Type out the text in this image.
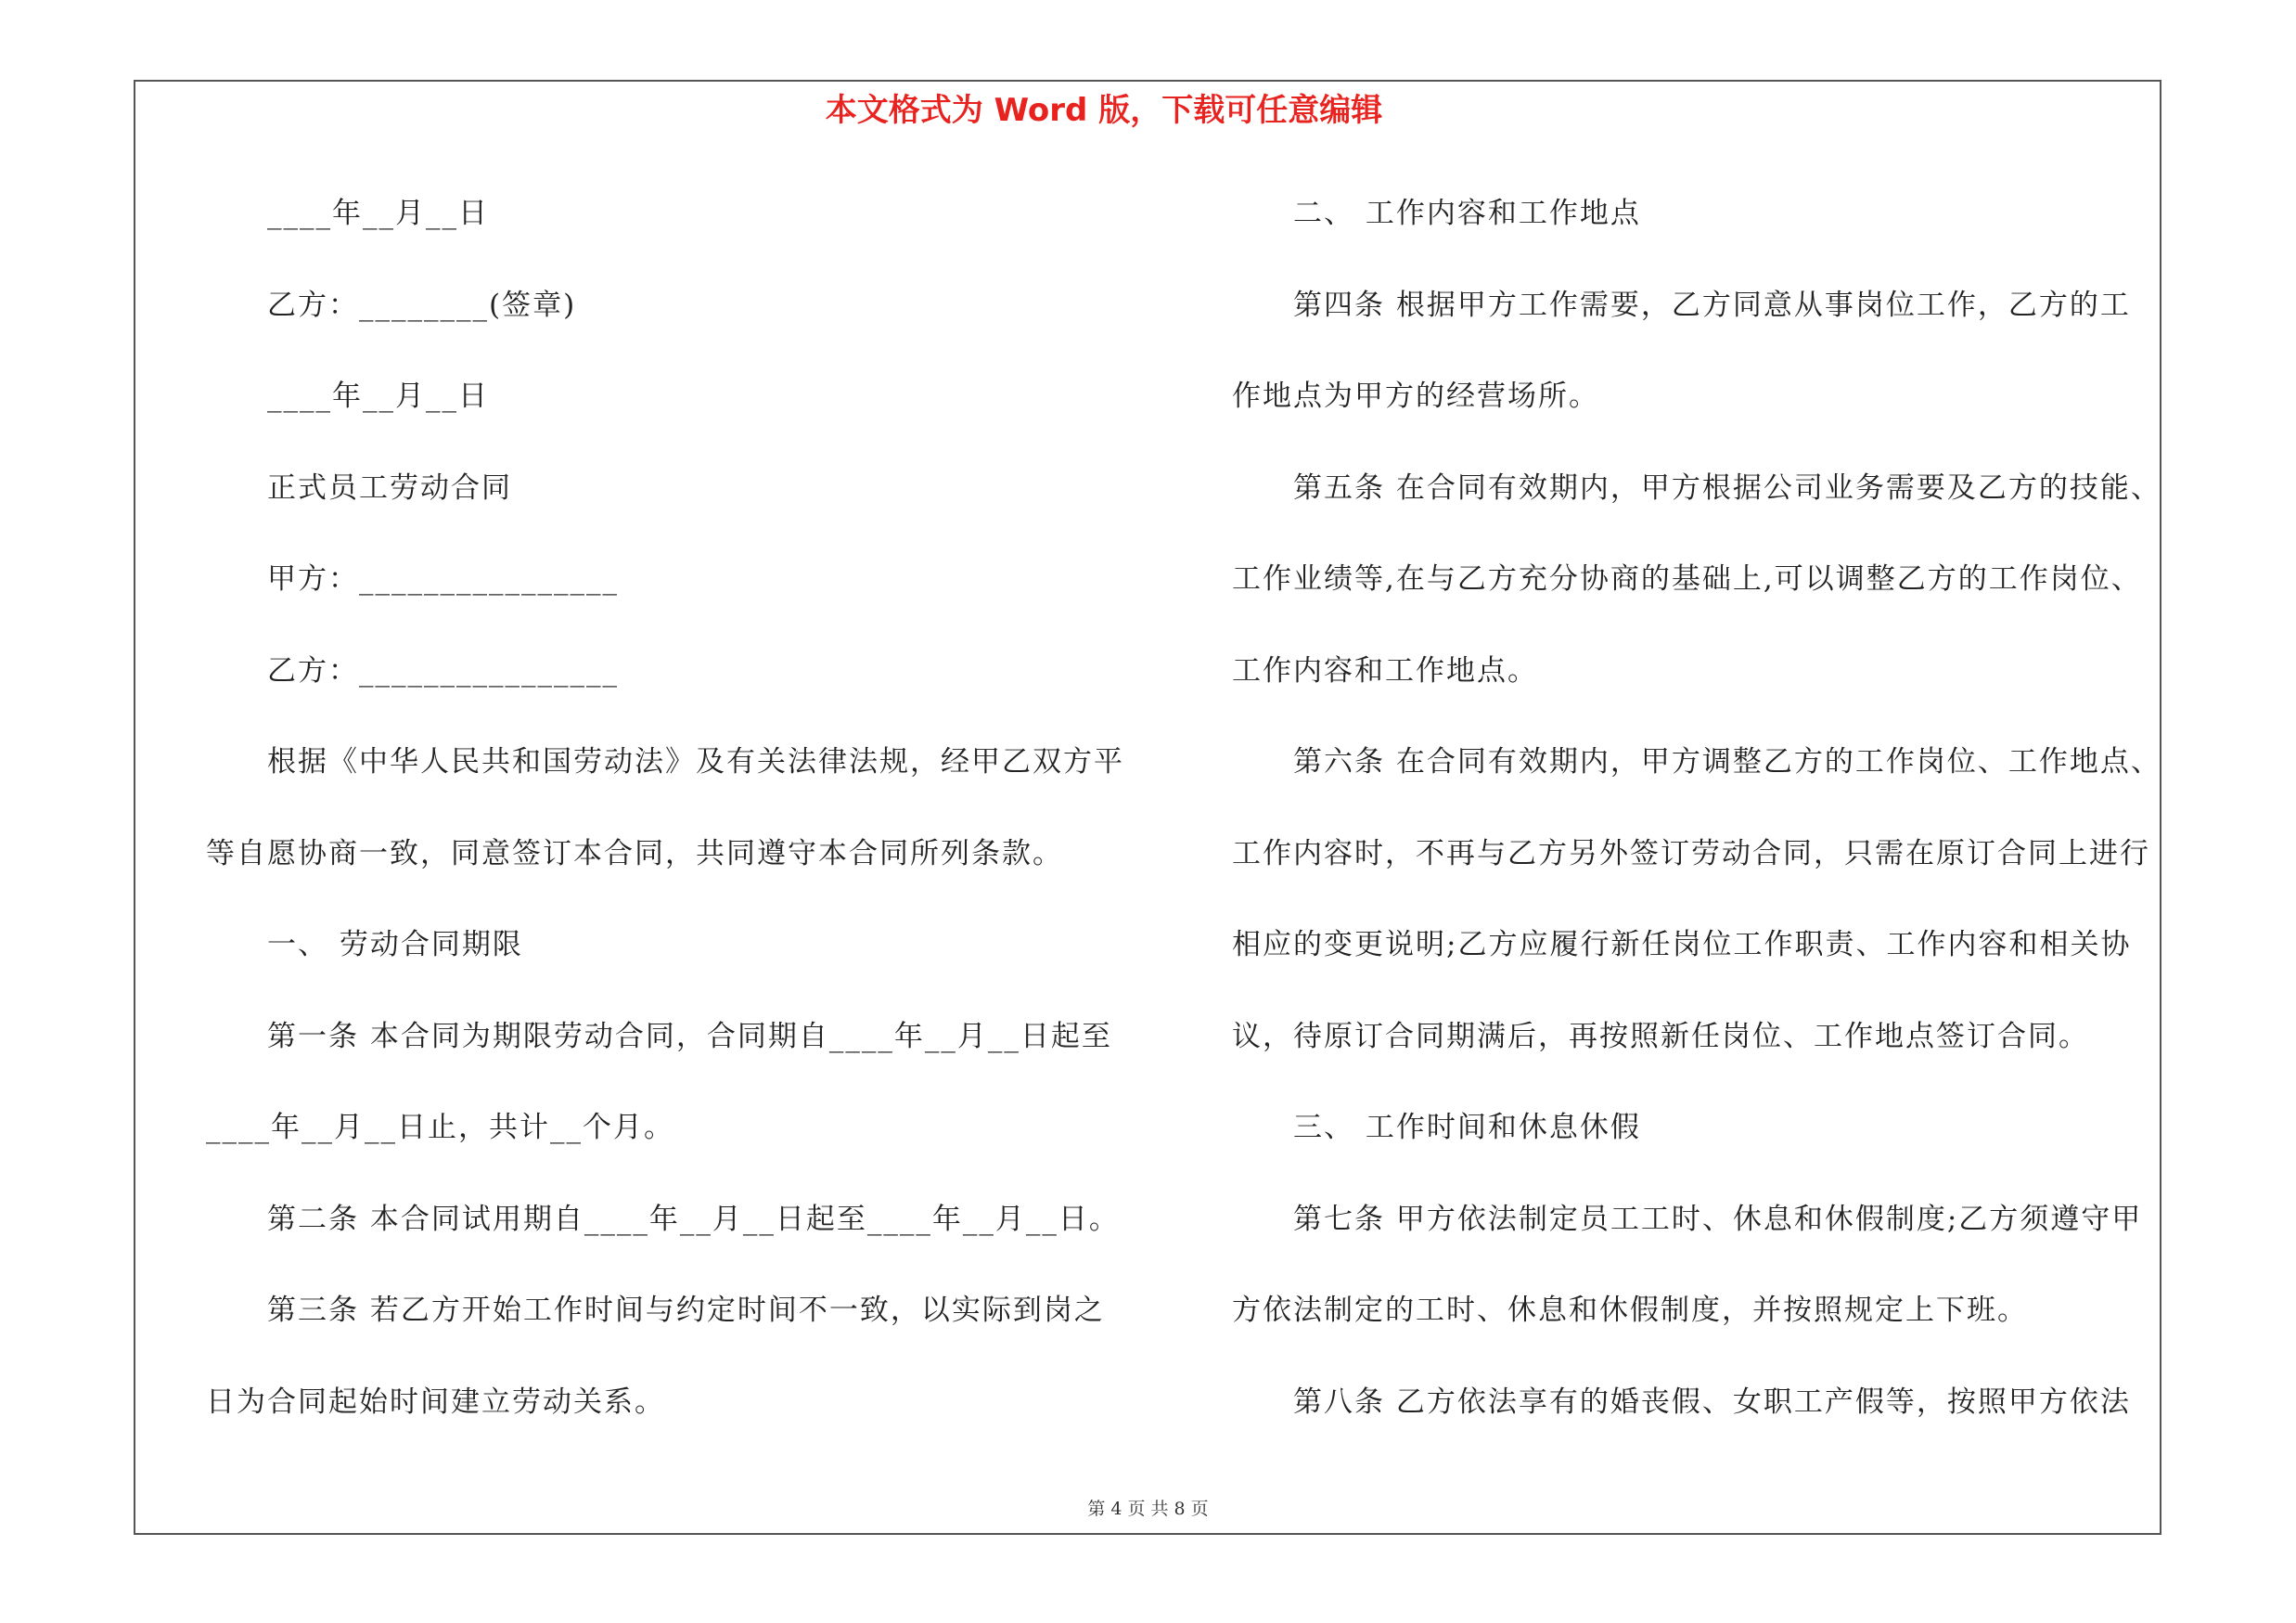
本文格式为 Word 版，下载可任意编辑
____年__月__日
乙方：________(签章)
____年__月__日
正式员工劳动合同
甲方：________________
乙方：________________
根据《中华人民共和国劳动法》及有关法律法规，经甲乙双方平
等自愿协商一致，同意签订本合同，共同遵守本合同所列条款。
一、 劳动合同期限
第一条 本合同为期限劳动合同，合同期自____年__月__日起至
____年__月__日止，共计__个月。
第二条 本合同试用期自____年__月__日起至____年__月__日。
第三条 若乙方开始工作时间与约定时间不一致，以实际到岗之
日为合同起始时间建立劳动关系。
二、 工作内容和工作地点
第四条 根据甲方工作需要，乙方同意从事岗位工作，乙方的工
作地点为甲方的经营场所。
第五条 在合同有效期内，甲方根据公司业务需要及乙方的技能、
工作业绩等,在与乙方充分协商的基础上,可以调整乙方的工作岗位、
工作内容和工作地点。
第六条 在合同有效期内，甲方调整乙方的工作岗位、工作地点、
工作内容时，不再与乙方另外签订劳动合同，只需在原订合同上进行
相应的变更说明;乙方应履行新任岗位工作职责、工作内容和相关协
议，待原订合同期满后，再按照新任岗位、工作地点签订合同。
三、 工作时间和休息休假
第七条 甲方依法制定员工工时、休息和休假制度;乙方须遵守甲
方依法制定的工时、休息和休假制度，并按照规定上下班。
第八条 乙方依法享有的婚丧假、女职工产假等，按照甲方依法
第 4 页 共 8 页
